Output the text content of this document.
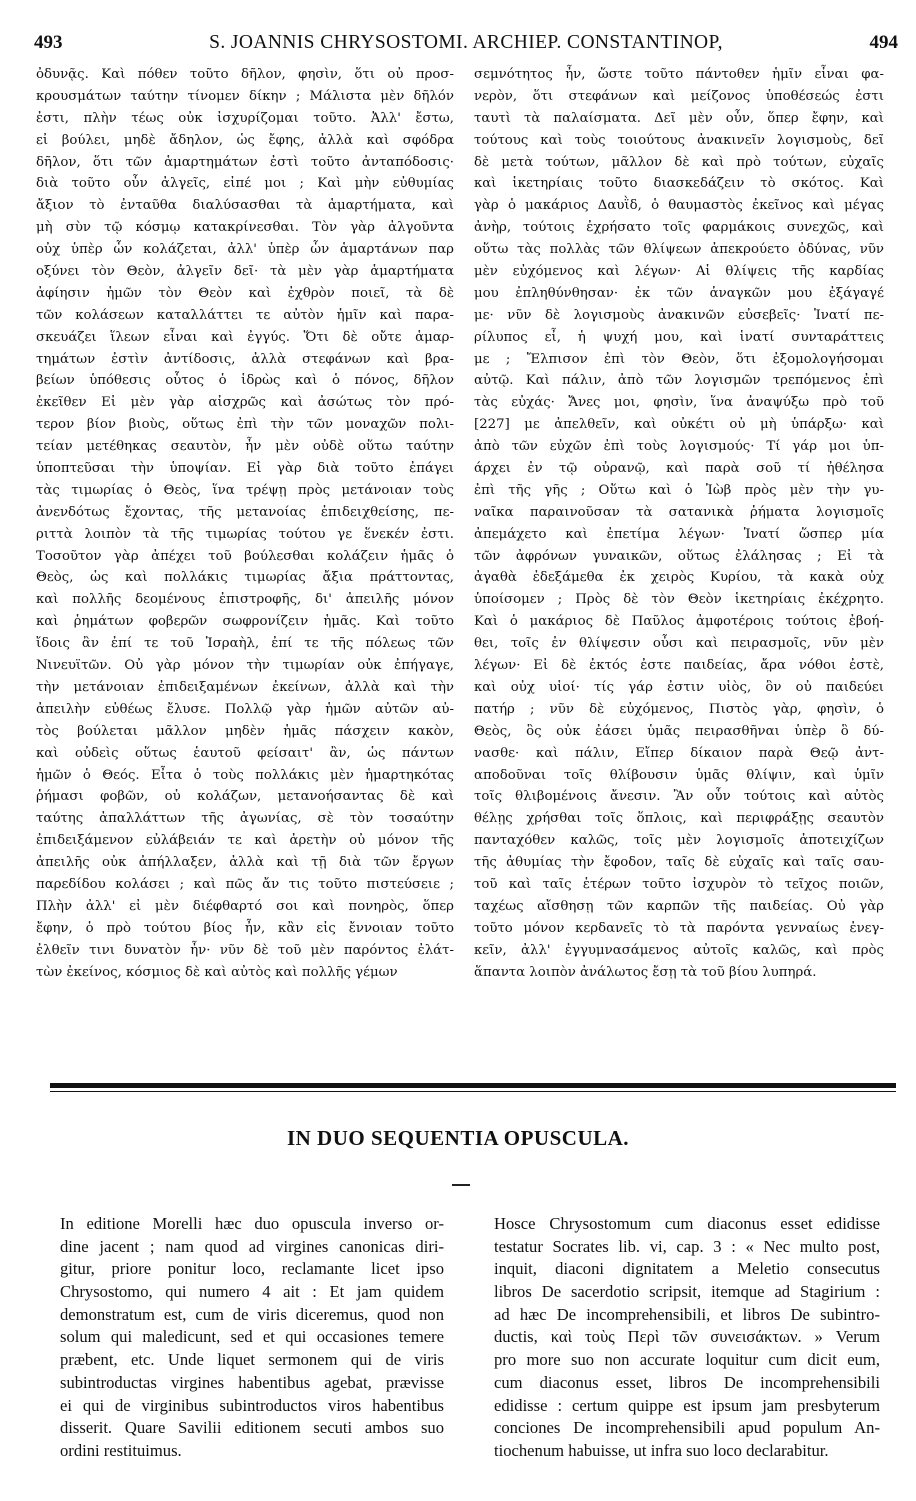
493	S. JOANNIS CHRYSOSTOMI. ARCHIEP. CONSTANTINOP,	494
ὀδυνᾷς. Καὶ πόθεν τοῦτο δῆλον, φησὶν, ὅτι οὐ προσ-
κρουσμάτων ταύτην τίνομεν δίκην ; Μάλιστα μὲν δῆλόν
ἐστι, πλὴν τέως οὐκ ἰσχυρίζομαι τοῦτο. Ἀλλ' ἔστω,
εἰ βούλει, μηδὲ ἄδηλον, ὡς ἔφης, ἀλλὰ καὶ σφόδρα
δῆλον, ὅτι τῶν ἁμαρτημάτων ἐστὶ τοῦτο ἀνταπόδοσις·
διὰ τοῦτο οὖν ἀλγεῖς, εἰπέ μοι ; Καὶ μὴν εὐθυμίας
ἄξιον τὸ ἐνταῦθα διαλύσασθαι τὰ ἁμαρτήματα, καὶ
μὴ σὺν τῷ κόσμῳ κατακρίνεσθαι. Τὸν γὰρ ἀλγοῦντα
οὐχ ὑπὲρ ὧν κολάζεται, ἀλλ' ὑπὲρ ὧν ἁμαρτάνων παρ
οξύνει τὸν Θεὸν, ἀλγεῖν δεῖ· τὰ μὲν γὰρ ἁμαρτήματα
ἀφίησιν ἡμῶν τὸν Θεὸν καὶ ἐχθρὸν ποιεῖ, τὰ δὲ
τῶν κολάσεων καταλλάττει τε αὐτὸν ἡμῖν καὶ παρα-
σκευάζει ἵλεων εἶναι καὶ ἐγγύς. Ὅτι δὲ οὔτε ἁμαρ-
τημάτων ἐστὶν ἀντίδοσις, ἀλλὰ στεφάνων καὶ βρα-
βείων ὑπόθεσις οὗτος ὁ ἱδρὼς καὶ ὁ πόνος, δῆλον
ἐκεῖθεν Εἰ μὲν γὰρ αἰσχρῶς καὶ ἀσώτως τὸν πρό-
τερον βίον βιοὺς, οὕτως ἐπὶ τὴν τῶν μοναχῶν πολι-
τείαν μετέθηκας σεαυτὸν, ἦν μὲν οὐδὲ οὕτω ταύτην
ὑποπτεῦσαι τὴν ὑποψίαν. Εἰ γὰρ διὰ τοῦτο ἐπάγει
τὰς τιμωρίας ὁ Θεὸς, ἵνα τρέψῃ πρὸς μετάνοιαν τοὺς
ἀνενδότως ἔχοντας, τῆς μετανοίας ἐπιδειχθείσης, πε-
ριττὰ λοιπὸν τὰ τῆς τιμωρίας τούτου γε ἕνεκέν ἐστι.
Τοσοῦτον γὰρ ἀπέχει τοῦ βούλεσθαι κολάζειν ἡμᾶς ὁ
Θεὸς, ὡς καὶ πολλάκις τιμωρίας ἄξια πράττοντας,
καὶ πολλῆς δεομένους ἐπιστροφῆς, δι' ἀπειλῆς μόνον
καὶ ῥημάτων φοβερῶν σωφρονίζειν ἡμᾶς. Καὶ τοῦτο
ἴδοις ἂν ἐπί τε τοῦ Ἰσραὴλ, ἐπί τε τῆς πόλεως τῶν
Νινευϊτῶν. Οὐ γὰρ μόνον τὴν τιμωρίαν οὐκ ἐπήγαγε,
τὴν μετάνοιαν ἐπιδειξαμένων ἐκείνων, ἀλλὰ καὶ τὴν
ἀπειλὴν εὐθέως ἔλυσε. Πολλῷ γὰρ ἡμῶν αὐτῶν αὐ-
τὸς βούλεται μᾶλλον μηδὲν ἡμᾶς πάσχειν κακὸν,
καὶ οὐδεὶς οὕτως ἑαυτοῦ φείσαιτ' ἂν, ὡς πάντων
ἡμῶν ὁ Θεός. Εἶτα ὁ τοὺς πολλάκις μὲν ἡμαρτηκότας
ῥήμασι φοβῶν, οὐ κολάζων, μετανοήσαντας δὲ καὶ
ταύτης ἀπαλλάττων τῆς ἀγωνίας, σὲ τὸν τοσαύτην
ἐπιδειξάμενον εὐλάβειάν τε καὶ ἀρετὴν οὐ μόνον τῆς
ἀπειλῆς οὐκ ἀπήλλαξεν, ἀλλὰ καὶ τῇ διὰ τῶν ἔργων
παρεδίδου κολάσει ; καὶ πῶς ἄν τις τοῦτο πιστεύσειε ;
Πλὴν ἀλλ' εἰ μὲν διέφθαρτό σοι καὶ πονηρὸς, ὅπερ
ἔφην, ὁ πρὸ τούτου βίος ἦν, κἂν εἰς ἔννοιαν τοῦτο
ἐλθεῖν τινι δυνατὸν ἦν· νῦν δὲ τοῦ μὲν παρόντος ἐλάτ-
τὼν ἐκείνος, κόσμιος δὲ καὶ αὐτὸς καὶ πολλῆς γέμων
σεμνότητος ἦν, ὥστε τοῦτο πάντοθεν ἡμῖν εἶναι φα-
νερὸν, ὅτι στεφάνων καὶ μείζονος ὑποθέσεώς ἐστι
ταυτὶ τὰ παλαίσματα. Δεῖ μὲν οὖν, ὅπερ ἔφην, καὶ
τούτους καὶ τοὺς τοιούτους ἀνακινεῖν λογισμοὺς, δεῖ
δὲ μετὰ τούτων, μᾶλλον δὲ καὶ πρὸ τούτων, εὐχαῖς
καὶ ἱκετηρίαις τοῦτο διασκεδάζειν τὸ σκότος. Καὶ
γὰρ ὁ μακάριος Δαυῒδ, ὁ θαυμαστὸς ἐκεῖνος καὶ μέγας
ἀνὴρ, τούτοις ἐχρήσατο τοῖς φαρμάκοις συνεχῶς, καὶ
οὕτω τὰς πολλὰς τῶν θλίψεων ἀπεκρούετο ὀδύνας, νῦν
μὲν εὐχόμενος καὶ λέγων· Αἱ θλίψεις τῆς καρδίας
μου ἐπληθύνθησαν· ἐκ τῶν ἀναγκῶν μου ἐξάγαγέ
με· νῦν δὲ λογισμοὺς ἀνακινῶν εὐσεβεῖς· Ἱνατί πε-
ρίλυπος εἶ, ἡ ψυχή μου, καὶ ἱνατί συνταράττεις
με ; Ἔλπισον ἐπὶ τὸν Θεὸν, ὅτι ἐξομολογήσομαι
αὐτῷ. Καὶ πάλιν, ἀπὸ τῶν λογισμῶν τρεπόμενος ἐπὶ
τὰς εὐχάς· Ἄνες μοι, φησὶν, ἵνα ἀναψύξω πρὸ τοῦ
[227] με ἀπελθεῖν, καὶ οὐκέτι οὐ μὴ ὑπάρξω· καὶ
ἀπὸ τῶν εὐχῶν ἐπὶ τοὺς λογισμούς· Τί γάρ μοι ὑπ-
άρχει ἐν τῷ οὐρανῷ, καὶ παρὰ σοῦ τί ἠθέλησα
ἐπὶ τῆς γῆς ; Οὕτω καὶ ὁ Ἰὼβ πρὸς μὲν τὴν γυ-
ναῖκα παραινοῦσαν τὰ σατανικὰ ῥήματα λογισμοῖς
ἀπεμάχετο καὶ ἐπετίμα λέγων· Ἱνατί ὥσπερ μία
τῶν ἀφρόνων γυναικῶν, οὕτως ἐλάλησας ; Εἰ τὰ
ἀγαθὰ ἐδεξάμεθα ἐκ χειρὸς Κυρίου, τὰ κακὰ οὐχ
ὑποίσομεν ; Πρὸς δὲ τὸν Θεὸν ἱκετηρίαις ἐκέχρητο.
Καὶ ὁ μακάριος δὲ Παῦλος ἀμφοτέροις τούτοις ἐβοή-
θει, τοῖς ἐν θλίψεσιν οὖσι καὶ πειρασμοῖς, νῦν μὲν
λέγων· Εἰ δὲ ἐκτός ἐστε παιδείας, ἄρα νόθοι ἐστὲ,
καὶ οὐχ υἱοί· τίς γάρ ἐστιν υἱὸς, ὃν οὐ παιδεύει
πατήρ ; νῦν δὲ εὐχόμενος, Πιστὸς γὰρ, φησὶν, ὁ
Θεὸς, ὃς οὐκ ἐάσει ὑμᾶς πειρασθῆναι ὑπὲρ ὃ δύ-
νασθε· καὶ πάλιν, Εἴπερ δίκαιον παρὰ Θεῷ ἀντ-
αποδοῦναι τοῖς θλίβουσιν ὑμᾶς θλίψιν, καὶ ὑμῖν
τοῖς θλιβομένοις ἄνεσιν. Ἂν οὖν τούτοις καὶ αὐτὸς
θέλῃς χρήσθαι τοῖς ὅπλοις, καὶ περιφράξῃς σεαυτὸν
πανταχόθεν καλῶς, τοῖς μὲν λογισμοῖς ἀποτειχίζων
τῆς ἀθυμίας τὴν ἔφοδον, ταῖς δὲ εὐχαῖς καὶ ταῖς σαυ-
τοῦ καὶ ταῖς ἑτέρων τοῦτο ἰσχυρὸν τὸ τεῖχος ποιῶν,
ταχέως αἴσθησῃ τῶν καρπῶν τῆς παιδείας. Οὐ γὰρ
τοῦτο μόνον κερδανεῖς τὸ τὰ παρόντα γενναίως ἐνεγ-
κεῖν, ἀλλ' ἐγγυμνασάμενος αὐτοῖς καλῶς, καὶ πρὸς
ἅπαντα λοιπὸν ἀνάλωτος ἔσῃ τὰ τοῦ βίου λυπηρά.
IN DUO SEQUENTIA OPUSCULA.
In editione Morelli hæc duo opuscula inverso or-
dine jacent ; nam quod ad virgines canonicas diri-
gitur, priore ponitur loco, reclamante licet ipso
Chrysostomo, qui numero 4 ait : Et jam quidem
demonstratum est, cum de viris diceremus, quod non
solum qui maledicunt, sed et qui occasiones temere
præbent, etc. Unde liquet sermonem qui de viris
subintroductas virgines habentibus agebat, prævisse
ei qui de virginibus subintroductos viros habentibus
disserit. Quare Savilii editionem secuti ambos suo
ordini restituimus.
Hosce Chrysostomum cum diaconus esset edidisse
testatur Socrates lib. vi, cap. 3 : « Nec multo post,
inquit, diaconi dignitatem a Meletio consecutus
libros De sacerdotio scripsit, itemque ad Stagirium :
ad hæc De incomprehensibili, et libros De subintro-
ductis, καὶ τοὺς Περὶ τῶν συνεισάκτων. » Verum
pro more suo non accurate loquitur cum dicit eum,
cum diaconus esset, libros De incomprehensibili
edidisse : certum quippe est ipsum jam presbyterum
conciones De incomprehensibili apud populum An-
tiochenum habuisse, ut infra suo loco declarabitur.
